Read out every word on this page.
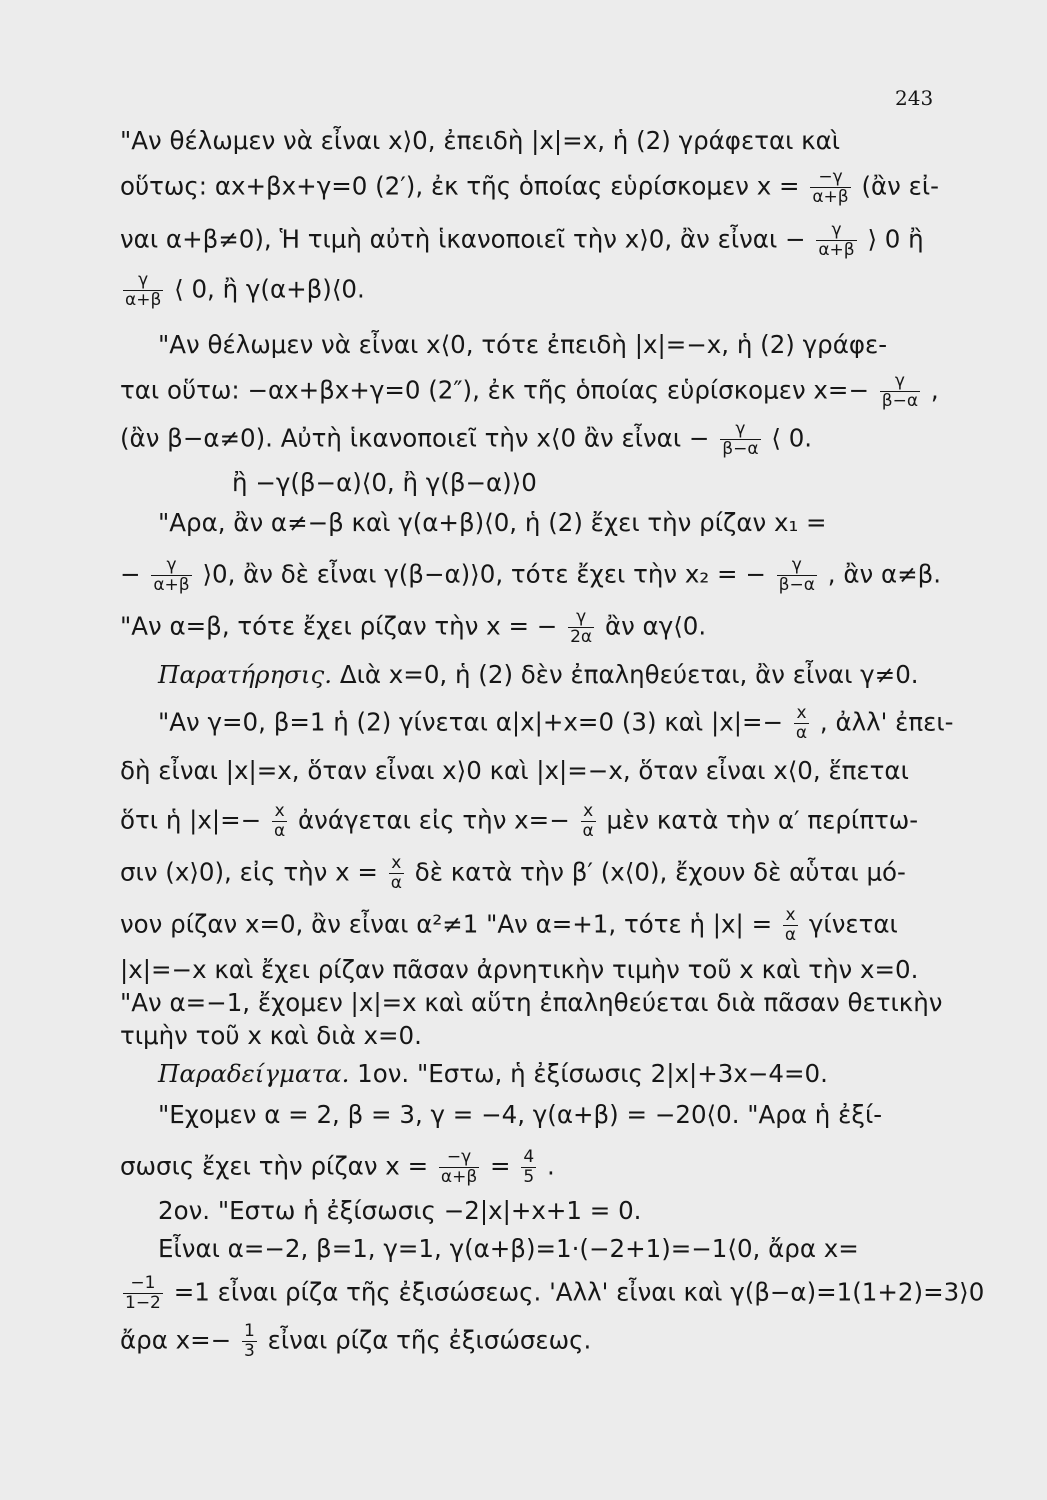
243
"Αν θέλωμεν νὰ εἶναι x⟩0, ἐπειδὴ |x|=x, ἡ (2) γράφεται καὶ
οὕτως: αx+βx+γ=0 (2′), ἐκ τῆς ὁποίας εὑρίσκομεν $x = \frac{-\gamma}{\alpha+\beta}$ (ἂν εἰ-
ναι α+β≠0), Ἡ τιμὴ αὐτὴ ἱκανοποιεῖ τὴν x⟩0, ἂν εἶναι − $\frac{\gamma}{\alpha+\beta}$ ⟩ 0 ἢ
$\frac{\gamma}{\alpha+\beta}$ ⟨ 0, ἢ γ(α+β)⟨0.
"Αν θέλωμεν νὰ εἶναι x⟨0, τότε ἐπειδὴ |x|=−x, ἡ (2) γράφε-
ται οὕτω: −αx+βx+γ=0 (2″), ἐκ τῆς ὁποίας εὑρίσκομεν $x=- \frac{\gamma}{\beta-\alpha}$ ,
(ἂν β−α≠0). Αὐτὴ ἱκανοποιεῖ τὴν x⟨0 ἂν εἶναι − $\frac{\gamma}{\beta-\alpha}$ ⟨ 0.
ἢ −γ(β−α)⟨0, ἢ γ(β−α)⟩0
"Αρα, ἂν α≠−β καὶ γ(α+β)⟨0, ἡ (2) ἔχει τὴν ρίζαν x₁ =
− $\frac{\gamma}{\alpha+\beta}$ ⟩0, ἂν δὲ εἶναι γ(β−α)⟩0, τότε ἔχει τὴν x₂ = − $\frac{\gamma}{\beta-\alpha}$ , ἂν α≠β.
"Αν α=β, τότε ἔχει ρίζαν τὴν x = − $\frac{\gamma}{2\alpha}$ ἂν αγ⟨0.
Παρατήρησις. Διὰ x=0, ἡ (2) δὲν ἐπαληθεύεται, ἂν εἶναι γ≠0.
"Αν γ=0, β=1 ἡ (2) γίνεται α|x|+x=0 (3) καὶ $|x|=- \frac{x}{\alpha}$ , ἀλλ' ἐπει-
δὴ εἶναι |x|=x, ὅταν εἶναι x⟩0 καὶ |x|=−x, ὅταν εἶναι x⟨0, ἕπεται
ὅτι ἡ $|x|=- \frac{x}{\alpha}$ ἀνάγεται εἰς τὴν $x=- \frac{x}{\alpha}$ μὲν κατὰ τὴν α′ περίπτω-
σιν (x⟩0), εἰς τὴν $x = \frac{x}{\alpha}$ δὲ κατὰ τὴν β′ (x⟨0), ἔχουν δὲ αὗται μό-
νον ρίζαν x=0, ἂν εἶναι α²≠1 "Αν α=+1, τότε ἡ $|x| = \frac{x}{\alpha}$ γίνεται
|x|=−x καὶ ἔχει ρίζαν πᾶσαν ἀρνητικὴν τιμὴν τοῦ x καὶ τὴν x=0.
"Αν α=−1, ἔχομεν |x|=x καὶ αὕτη ἐπαληθεύεται διὰ πᾶσαν θετικὴν
τιμὴν τοῦ x καὶ διὰ x=0.
Παραδείγματα. 1ον. "Εστω, ἡ ἐξίσωσις 2|x|+3x−4=0.
"Εχομεν α = 2, β = 3, γ = −4, γ(α+β) = −20⟨0. "Αρα ἡ ἐξί-
σωσις ἔχει τὴν ρίζαν $x = \frac{-\gamma}{\alpha+\beta} = \frac{4}{5}$ .
2ον. "Εστω ἡ ἐξίσωσις −2|x|+x+1 = 0.
Εἶναι α=−2, β=1, γ=1, γ(α+β)=1·(−2+1)=−1⟨0, ἄρα x=
$\frac{-1}{1-2} =1$ εἶναι ρίζα τῆς ἐξισώσεως. 'Αλλ' εἶναι καὶ γ(β−α)=1(1+2)=3⟩0
ἄρα $x=- \frac{1}{3}$ εἶναι ρίζα τῆς ἐξισώσεως.
